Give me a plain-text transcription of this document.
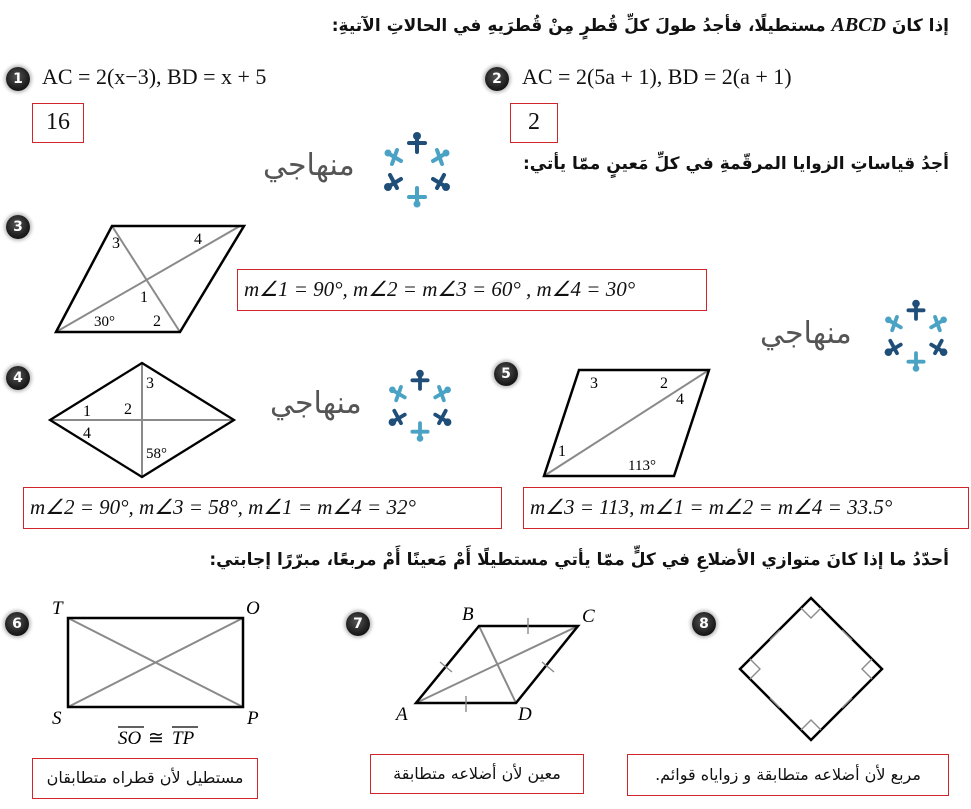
إذا كانَ ABCD مستطيلًا، فأجدُ طولَ كلِّ قُطرٍ مِنْ قُطرَيهِ في الحالاتِ الآتيةِ:
1 AC = 2(x−3), BD = x + 5
16
2 AC = 2(5a + 1), BD = 2(a + 1)
2
منهاجي	أجدُ قياساتِ الزوايا المرقّمةِ في كلِّ مَعينٍ ممّا يأتي:
3
3	4
1
30° 2
m∠1 = 90°, m∠2 = m∠3 = 60° , m∠4 = 30°
منهاجي
4	3
1 2
4
58°
منهاجي
5
3	2
4
1
113°
m∠2 = 90°, m∠3 = 58°, m∠1 = m∠4 = 32°	m∠3 = 113, m∠1 = m∠2 = m∠4 = 33.5°
أحدّدُ ما إذا كانَ متوازي الأضلاعِ في كلٍّ ممّا يأتي مستطيلًا أَمْ مَعينًا أَمْ مربعًا، مبرّرًا إجابتي:
6
T	O
S	P
SO ≅ TP
مستطيل لأن قطراه متطابقان
7	B	C
A	D
معين لأن أضلاعه متطابقة
8
مربع لأن أضلاعه متطابقة و زواياه قوائم.
